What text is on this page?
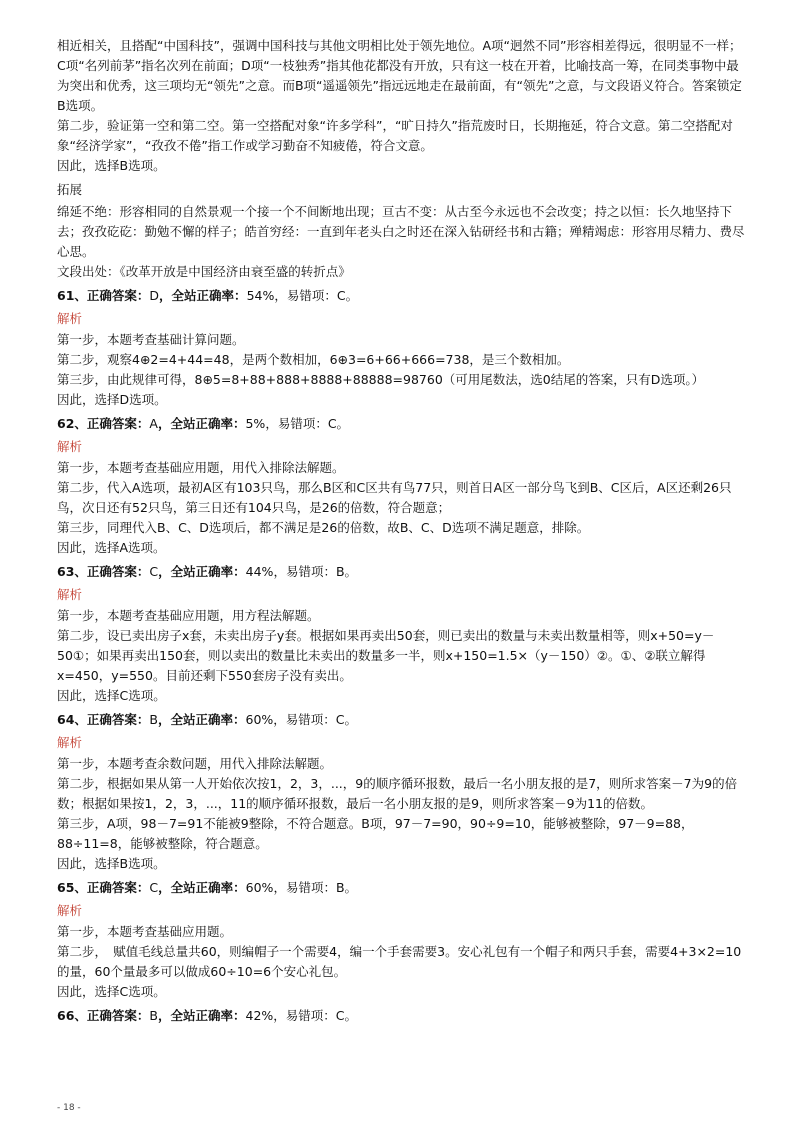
相近相关，且搭配“中国科技”，强调中国科技与其他文明相比处于领先地位。A项“迥然不同”形容相差得远，很明显不一样；C项“名列前茅”指名次列在前面；D项“一枝独秀”指其他花都没有开放，只有这一枝在开着，比喻技高一筹，在同类事物中最为突出和优秀，这三项均无“领先”之意。而B项“遥遥领先”指远远地走在最前面，有“领先”之意，与文段语义符合。答案锁定B选项。

第二步，验证第一空和第二空。第一空搭配对象“许多学科”，“旷日持久”指荒废时日，长期拖延，符合文意。第二空搭配对象“经济学家”，“孜孜不倦”指工作或学习勤奋不知疲倦，符合文意。

因此，选择B选项。

拓展

绵延不绝：形容相同的自然景观一个接一个不间断地出现；亘古不变：从古至今永远也不会改变；持之以恒：长久地坚持下去；孜孜矻矻：勤勉不懈的样子；皓首穷经：一直到年老头白之时还在深入钻研经书和古籍；殚精竭虑：形容用尽精力、费尽心思。

文段出处：《改革开放是中国经济由衰至盛的转折点》

61、正确答案：D，全站正确率：54%，易错项：C。
解析

第一步，本题考查基础计算问题。

第二步，观察4⊕2=4+44=48，是两个数相加，6⊕3=6+66+666=738，是三个数相加。

第三步，由此规律可得，8⊕5=8+88+888+8888+88888=98760（可用尾数法，选0结尾的答案，只有D选项。）

因此，选择D选项。

62、正确答案：A，全站正确率：5%，易错项：C。
解析

第一步，本题考查基础应用题，用代入排除法解题。

第二步，代入A选项，最初A区有103只鸟，那么B区和C区共有鸟77只，则首日A区一部分鸟飞到B、C区后，A区还剩26只鸟，次日还有52只鸟，第三日还有104只鸟，是26的倍数，符合题意；

第三步，同理代入B、C、D选项后，都不满足是26的倍数，故B、C、D选项不满足题意，排除。

因此，选择A选项。

63、正确答案：C，全站正确率：44%，易错项：B。
解析

第一步，本题考查基础应用题，用方程法解题。

第二步，设已卖出房子x套，未卖出房子y套。根据如果再卖出50套，则已卖出的数量与未卖出数量相等，则x+50=y－50①；如果再卖出150套，则以卖出的数量比未卖出的数量多一半，则x+150=1.5×（y－150）②。①、②联立解得x=450，y=550。目前还剩下550套房子没有卖出。

因此，选择C选项。

64、正确答案：B，全站正确率：60%，易错项：C。
解析

第一步，本题考查余数问题，用代入排除法解题。

第二步，根据如果从第一人开始依次按1，2，3，...，9的顺序循环报数，最后一名小朋友报的是7，则所求答案－7为9的倍数；根据如果按1，2，3，...，11的顺序循环报数，最后一名小朋友报的是9，则所求答案－9为11的倍数。

第三步，A项，98－7=91不能被9整除，不符合题意。B项，97－7=90，90÷9=10，能够被整除，97－9=88，88÷11=8，能够被整除，符合题意。

因此，选择B选项。

65、正确答案：C，全站正确率：60%，易错项：B。
解析

第一步，本题考查基础应用题。

第二步，　赋值毛线总量共60，则编帽子一个需要4，编一个手套需要3。安心礼包有一个帽子和两只手套，需要4+3×2=10的量，60个量最多可以做成60÷10=6个安心礼包。

因此，选择C选项。

66、正确答案：B，全站正确率：42%，易错项：C。
- 18 -
